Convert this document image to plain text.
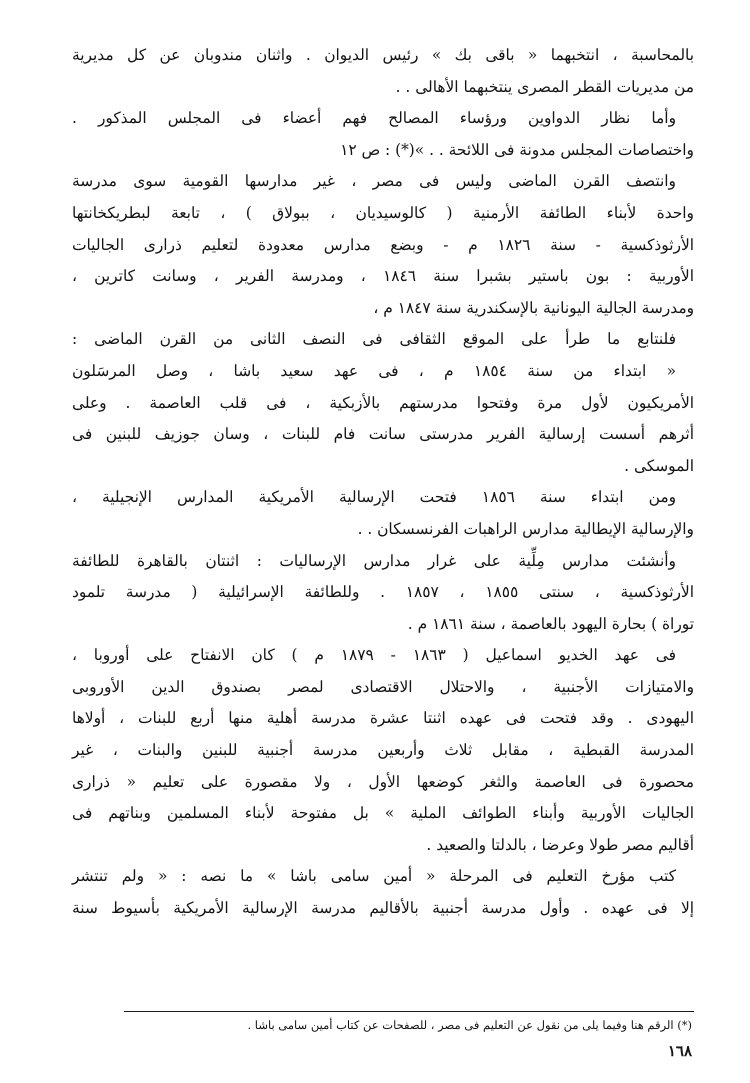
بالمحاسبة ، انتخبهما « باقى بك » رئيس الديوان . واثنان مندوبان عن كل مديرية
من مديريات القطر المصرى ينتخبهما الأهالى . .
وأما نظار الدواوين ورؤساء المصالح فهم أعضاء فى المجلس المذكور .
واختصاصات المجلس مدونة فى اللائحة . . »(*) : ص ١٢
وانتصف القرن الماضى وليس فى مصر ، غير مدارسها القومية سوى مدرسة
واحدة لأبناء الطائفة الأرمنية ( كالوسيديان ، ببولاق ) ، تابعة لبطريكخانتها
الأرثوذكسية - سنة ١٨٢٦ م - وبضع مدارس معدودة لتعليم ذرارى الجاليات
الأوربية : بون باستير بشبرا سنة ١٨٤٦ ، ومدرسة الفرير ، وسانت كاترين ،
ومدرسة الجالية اليونانية بالإسكندرية سنة ١٨٤٧ م ،
فلنتابع ما طرأ على الموقع الثقافى فى النصف الثانى من القرن الماضى :
« ابتداء من سنة ١٨٥٤ م ، فى عهد سعيد باشا ، وصل المرسَلون
الأمريكيون لأول مرة وفتحوا مدرستهم بالأزبكية ، فى قلب العاصمة . وعلى
أثرهم أسست إرسالية الفرير مدرستى سانت فام للبنات ، وسان جوزيف للبنين فى
الموسكى .
ومن ابتداء سنة ١٨٥٦ فتحت الإرسالية الأمريكية المدارس الإنجيلية ،
والإرسالية الإيطالية مدارس الراهبات الفرنسسكان . .
وأنشئت مدارس مِلِّية على غرار مدارس الإرساليات : اثنتان بالقاهرة للطائفة
الأرثوذكسية ، سنتى ١٨٥٥ ، ١٨٥٧ . وللطائفة الإسرائيلية ( مدرسة تلمود
توراة ) بحارة اليهود بالعاصمة ، سنة ١٨٦١ م .
فى عهد الخديو اسماعيل ( ١٨٦٣ - ١٨٧٩ م ) كان الانفتاح على أوروبا ،
والامتيازات الأجنبية ، والاحتلال الاقتصادى لمصر بصندوق الدين الأوروبى
اليهودى . وقد فتحت فى عهده اثنتا عشرة مدرسة أهلية منها أربع للبنات ، أولاها
المدرسة القبطية ، مقابل ثلاث وأربعين مدرسة أجنبية للبنين والبنات ، غير
محصورة فى العاصمة والثغر كوضعها الأول ، ولا مقصورة على تعليم « ذرارى
الجاليات الأوربية وأبناء الطوائف الملية » بل مفتوحة لأبناء المسلمين وبناتهم فى
أقاليم مصر طولا وعرضا ، بالدلتا والصعيد .
كتب مؤرخ التعليم فى المرحلة « أمين سامى باشا » ما نصه : « ولم تنتشر
إلا فى عهده . وأول مدرسة أجنبية بالأقاليم مدرسة الإرسالية الأمريكية بأسيوط سنة
(*) الرقم هنا وفيما يلى من نقول عن التعليم فى مصر ، للصفحات عن كتاب أمين سامى باشا .
١٦٨
